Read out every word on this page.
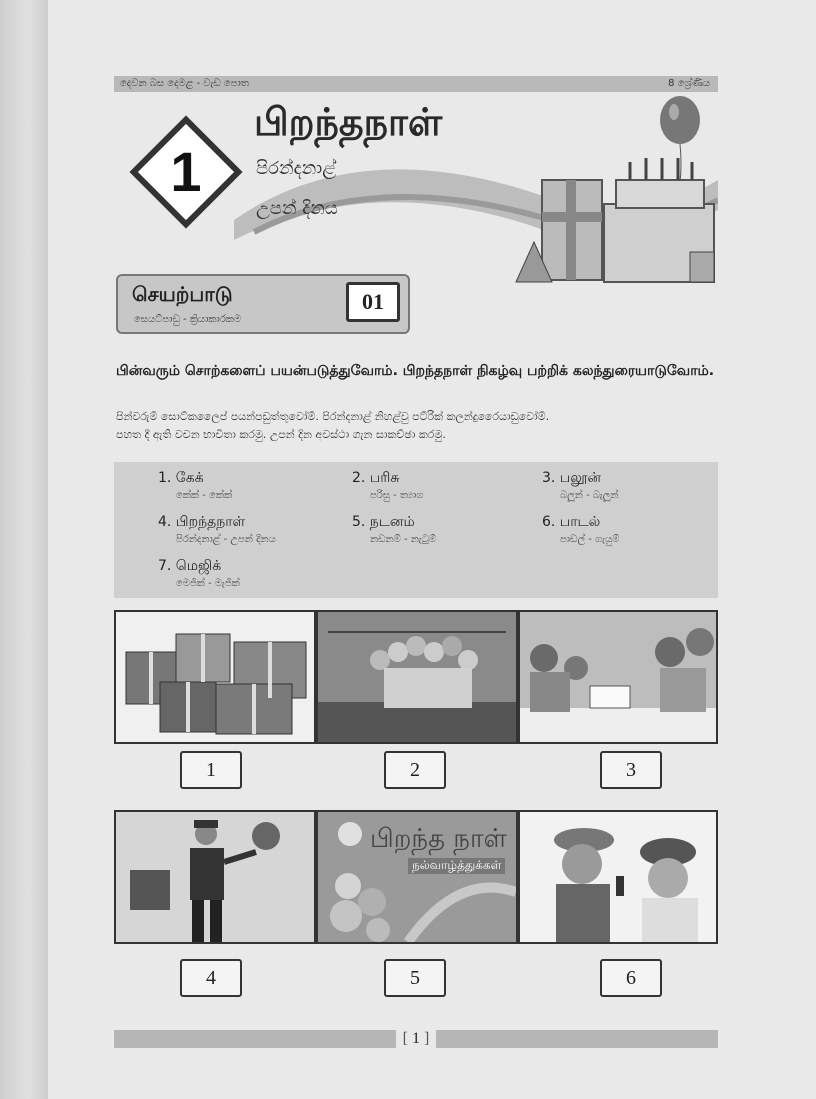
දෙවන බස දෙමළ - වැඩ පොත	8 ශ්‍රේණිය
1
பிறந்தநாள்
පිරන්දනාළ්
උපන් දිනය
செயற்பாடு
සෙයට්පාඩු - ක්‍රියාකාරකම
01
பின்வரும் சொற்களைப் பயன்படுத்துவோம். பிறந்தநாள் நிகழ்வு பற்றிக் கலந்துரையாடுவோம்.
පින්වරුම් සොට්කලෛප් පයන්පඩුත්තුවෝම්. පිරන්දනාළ් නිහළ්වු පට්රික් කලන්දුරෛයාඩුවෝම්.
පහත දී ඇති වචන භාවිතා කරමු. උපන් දින අවස්ථා ගැන සාකච්ඡා කරමු.
1. கேக்
කේක් - කේක්
2. பரிசு
පරිසු - ත්‍යාග
3. பலூன்
බලූන් - බැලූන්
4. பிறந்தநாள்
පිරන්දනාළ් - උපන් දිනය
5. நடனம்
නඩනම් - නැටුම්
6. பாடல்
පාඩල් - ගැයුම්
7. மெஜிக்
මෙජික් - මැජික්
1	2	3
பிறந்த நாள்
நல்வாழ்த்துக்கள்
4	5	6
[ 1 ]
